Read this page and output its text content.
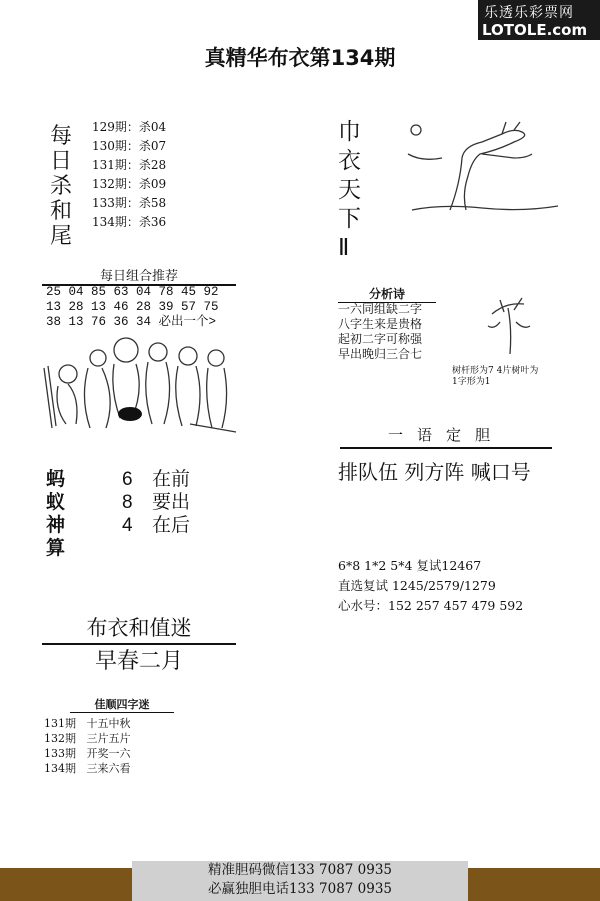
乐透乐彩票网
LOTOLE.com
真精华布衣第134期
每
日
杀
和
尾
129期：杀04
130期：杀07
131期：杀28
132期：杀09
133期：杀58
134期：杀36
每日组合推荐
25 04 85 63 04 78 45 92
13 28 13 46 28 39 57 75
38 13 76 36 34 必出一个>
蚂
蚁
神
算
6 在前
8 要出
4 在后
布衣和值迷
早春二月
佳顺四字迷
131期 十五中秋
132期 三片五片
133期 开奖一六
134期 三来六看
巾
衣
天
下
Ⅱ
分析诗
一六同组缺二字
八字生来是贵格
起初二字可称强
早出晚归三合七
树杆形为7 4片树叶为
1字形为1
一语定胆
排队伍 列方阵 喊口号
6*8 1*2 5*4 复试12467
直选复试 1245/2579/1279
心水号：152 257 457 479 592
精准胆码微信133 7087 0935
必赢独胆电话133 7087 0935
